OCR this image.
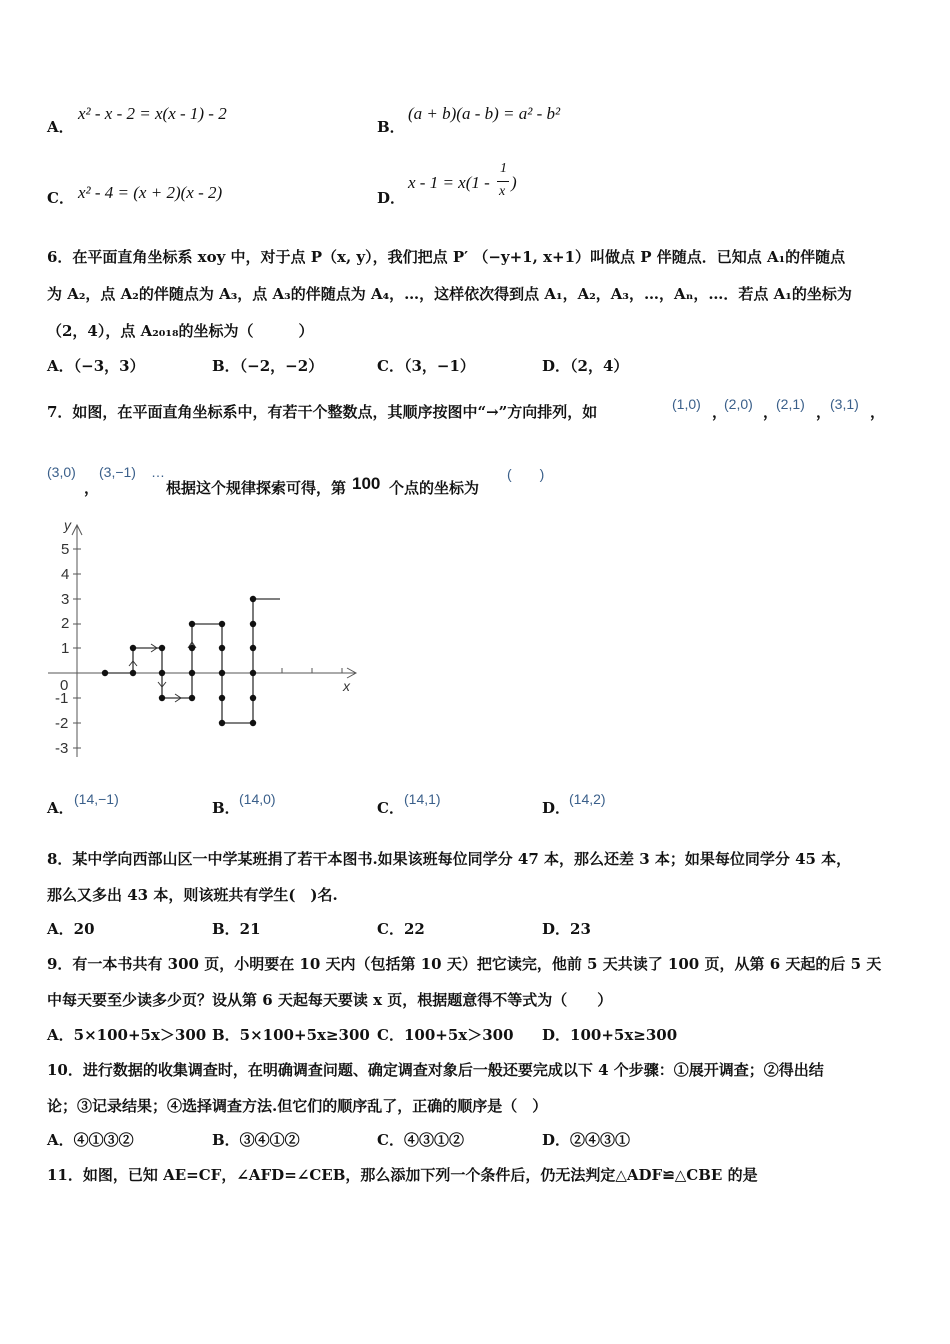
A．
x² - x - 2 = x(x - 1) - 2
B．
(a + b)(a - b) = a² - b²
C． x² - 4 = (x + 2)(x - 2)	D．
x - 1 = x(1 -
1
x )
6．在平面直角坐标系 xoy 中，对于点 P（x, y），我们把点 P′ （−y+1, x+1）叫做点 P 伴随点．已知点 A₁的伴随点
为 A₂，点 A₂的伴随点为 A₃，点 A₃的伴随点为 A₄，…，这样依次得到点 A₁，A₂，A₃，…，Aₙ，…．若点 A₁的坐标为
（2，4），点 A₂₀₁₈的坐标为（　　　）
A．（−3，3）	B．（−2，−2）	C．（3，−1）	D．（2，4）
7．如图，在平面直角坐标系中，有若干个整数点，其顺序按图中“→”方向排列，如	(1,0) ，
(2,0) ，
(2,1) ，
(3,1) ，
(3,0)
，
(3,−1) …
根据这个规律探索可得，第 100 个点的坐标为
(　　)
y
x
0
5
4
3
2
1
-1
-2
-3
A． (14,−1)	B． (14,0)	C． (14,1)	D．
(14,2)
8．某中学向西部山区一中学某班捐了若干本图书.如果该班每位同学分 47 本，那么还差 3 本；如果每位同学分 45 本，
那么又多出 43 本，则该班共有学生(　)名.
A．20	B．21	C．22	D．23
9．有一本书共有 300 页，小明要在 10 天内（包括第 10 天）把它读完，他前 5 天共读了 100 页，从第 6 天起的后 5 天
中每天要至少读多少页？设从第 6 天起每天要读 x 页，根据题意得不等式为（　　）
A．5×100+5x＞300 B．5×100+5x≥300 C．100+5x＞300 D．100+5x≥300
10．进行数据的收集调查时，在明确调查问题、确定调查对象后一般还要完成以下 4 个步骤：①展开调查；②得出结
论；③记录结果；④选择调查方法.但它们的顺序乱了，正确的顺序是（　）
A．④①③②	B．③④①②	C．④③①②	D．②④③①
11．如图，已知 AE=CF，∠AFD=∠CEB，那么添加下列一个条件后，仍无法判定△ADF≌△CBE 的是
